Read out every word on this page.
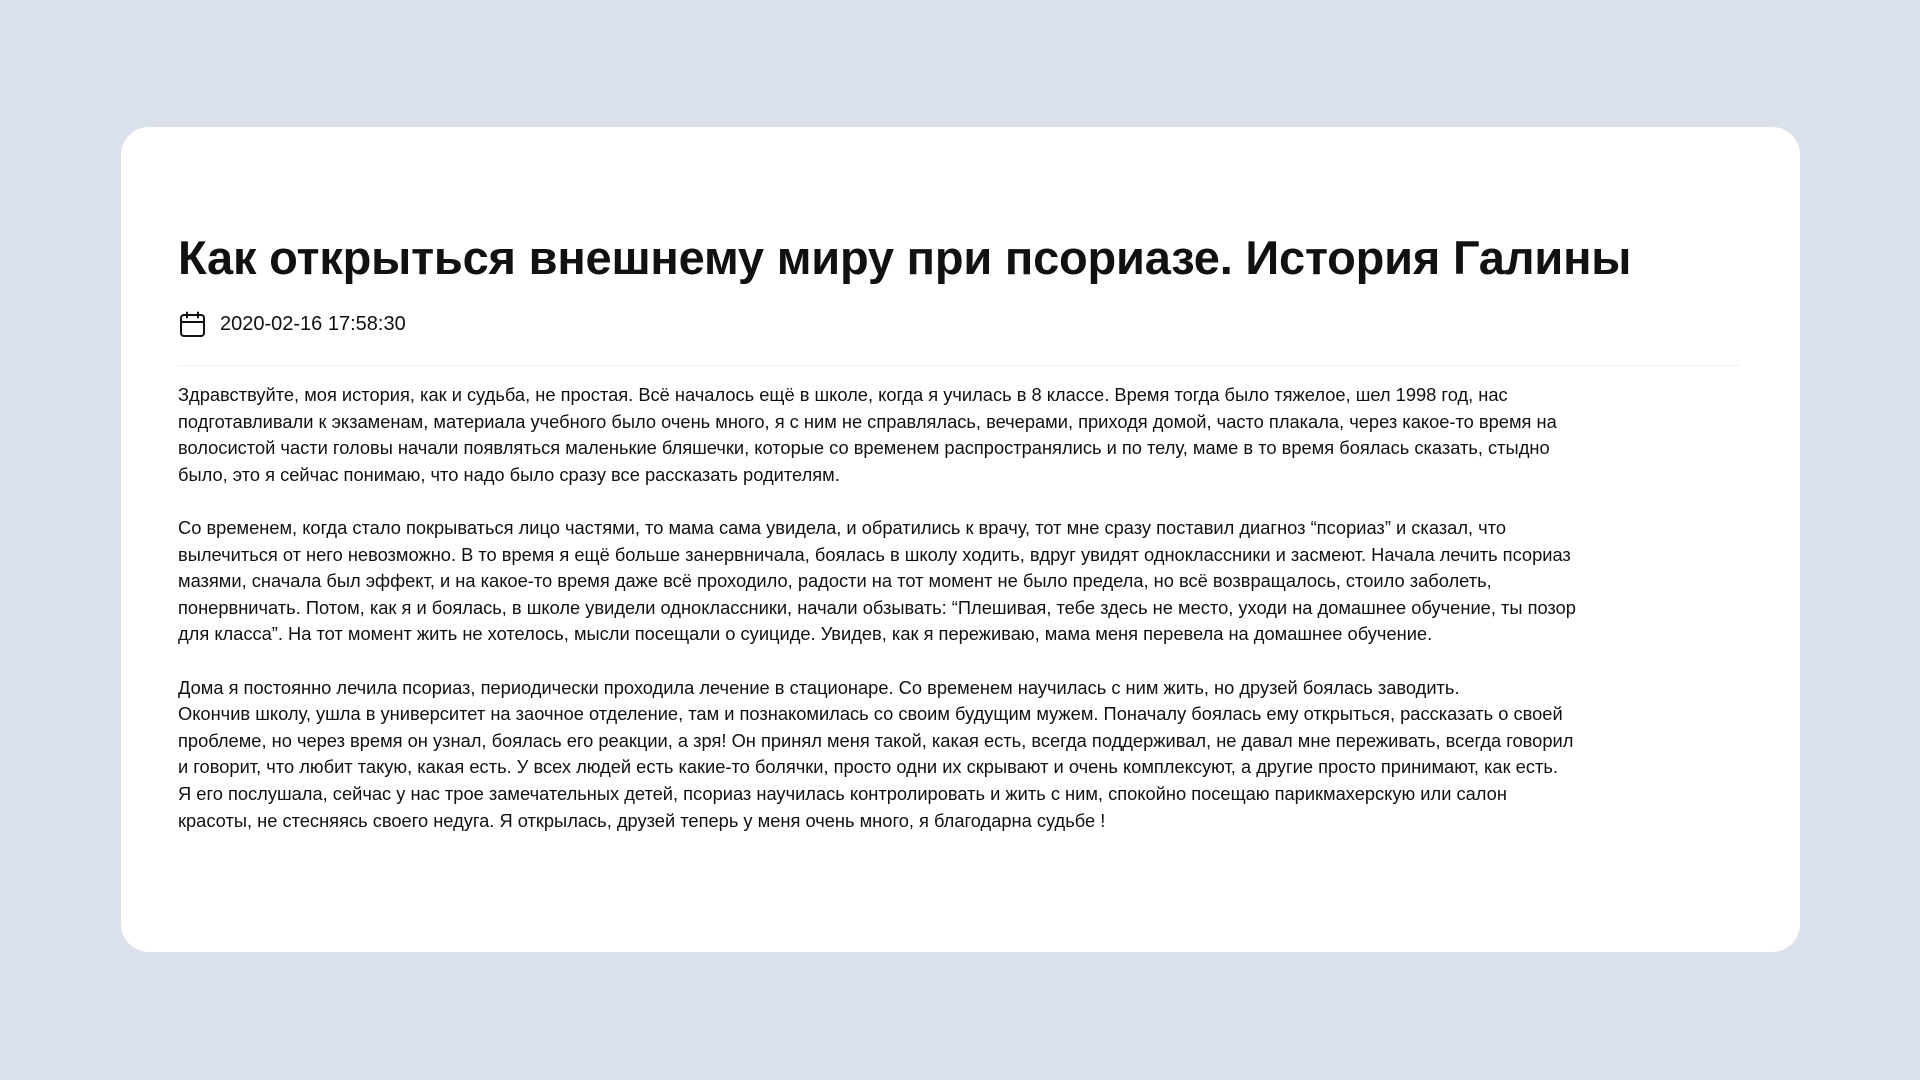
Как открыться внешнему миру при псориазе. История Галины
2020-02-16 17:58:30

Здравствуйте, моя история, как и судьба, не простая. Всё началось ещё в школе, когда я училась в 8 классе. Время тогда было тяжелое, шел 1998 год, нас
подготавливали к экзаменам, материала учебного было очень много, я с ним не справлялась, вечерами, приходя домой, часто плакала, через какое-то время на
волосистой части головы начали появляться маленькие бляшечки, которые со временем распространялись и по телу, маме в то время боялась сказать, стыдно
было, это я сейчас понимаю, что надо было сразу все рассказать родителям.

Со временем, когда стало покрываться лицо частями, то мама сама увидела, и обратились к врачу, тот мне сразу поставил диагноз “псориаз” и сказал, что
вылечиться от него невозможно. В то время я ещё больше занервничала, боялась в школу ходить, вдруг увидят одноклассники и засмеют. Начала лечить псориаз
мазями, сначала был эффект, и на какое-то время даже всё проходило, радости на тот момент не было предела, но всё возвращалось, стоило заболеть,
понервничать. Потом, как я и боялась, в школе увидели одноклассники, начали обзывать: “Плешивая, тебе здесь не место, уходи на домашнее обучение, ты позор
для класса”. На тот момент жить не хотелось, мысли посещали о суициде. Увидев, как я переживаю, мама меня перевела на домашнее обучение.

Дома я постоянно лечила псориаз, периодически проходила лечение в стационаре. Со временем научилась с ним жить, но друзей боялась заводить.
Окончив школу, ушла в университет на заочное отделение, там и познакомилась со своим будущим мужем. Поначалу боялась ему открыться, рассказать о своей
проблеме, но через время он узнал, боялась его реакции, а зря! Он принял меня такой, какая есть, всегда поддерживал, не давал мне переживать, всегда говорил
и говорит, что любит такую, какая есть. У всех людей есть какие-то болячки, просто одни их скрывают и очень комплексуют, а другие просто принимают, как есть.
Я его послушала, сейчас у нас трое замечательных детей, псориаз научилась контролировать и жить с ним, спокойно посещаю парикмахерскую или салон
красоты, не стесняясь своего недуга. Я открылась, друзей теперь у меня очень много, я благодарна судьбе !
